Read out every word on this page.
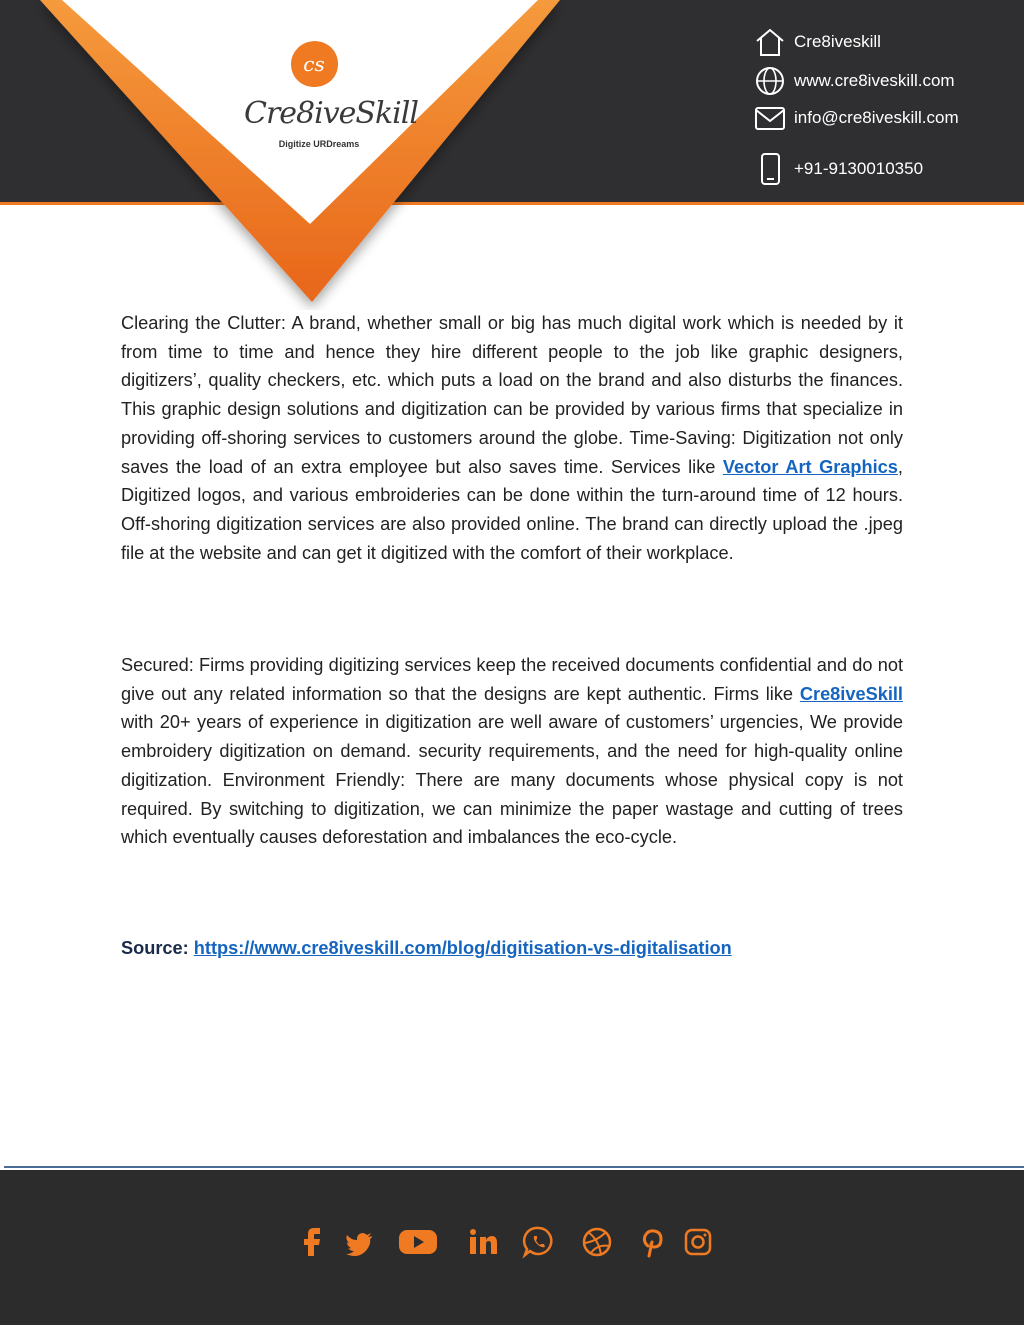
cs
Cre8iveSkill
Digitize URDreams
Cre8iveskill
www.cre8iveskill.com
info@cre8iveskill.com
+91-9130010350
Clearing the Clutter: A brand, whether small or big has much digital work which is needed by it from time to time and hence they hire different people to the job like graphic designers, digitizers’, quality checkers, etc. which puts a load on the brand and also disturbs the finances. This graphic design solutions and digitization can be provided by various firms that specialize in providing off-shoring services to customers around the globe. Time-Saving: Digitization not only saves the load of an extra employee but also saves time. Services like Vector Art Graphics, Digitized logos, and various embroideries can be done within the turn-around time of 12 hours. Off-shoring digitization services are also provided online. The brand can directly upload the .jpeg file at the website and can get it digitized with the comfort of their workplace.
Secured: Firms providing digitizing services keep the received documents confidential and do not give out any related information so that the designs are kept authentic. Firms like Cre8iveSkill with 20+ years of experience in digitization are well aware of customers’ urgencies, We provide embroidery digitization on demand. security requirements, and the need for high-quality online digitization. Environment Friendly: There are many documents whose physical copy is not required. By switching to digitization, we can minimize the paper wastage and cutting of trees which eventually causes deforestation and imbalances the eco-cycle.
Source: https://www.cre8iveskill.com/blog/digitisation-vs-digitalisation
